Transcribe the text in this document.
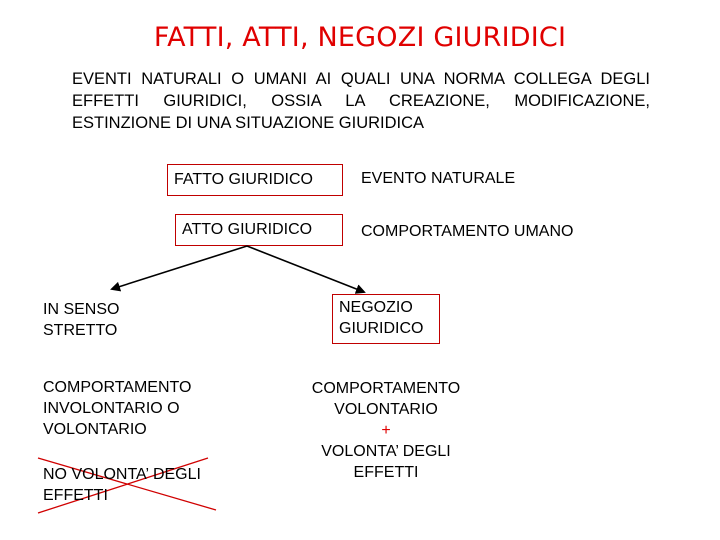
FATTI, ATTI, NEGOZI GIURIDICI
EVENTI NATURALI O UMANI AI QUALI UNA NORMA COLLEGA DEGLI EFFETTI GIURIDICI, OSSIA LA CREAZIONE, MODIFICAZIONE, ESTINZIONE DI UNA SITUAZIONE GIURIDICA
FATTO GIURIDICO	EVENTO NATURALE
ATTO GIURIDICO	COMPORTAMENTO UMANO
IN SENSO
STRETTO
COMPORTAMENTO
INVOLONTARIO O
VOLONTARIO
NO VOLONTA’ DEGLI
EFFETTI
NEGOZIO
GIURIDICO
COMPORTAMENTO
VOLONTARIO
+
VOLONTA’ DEGLI
EFFETTI
